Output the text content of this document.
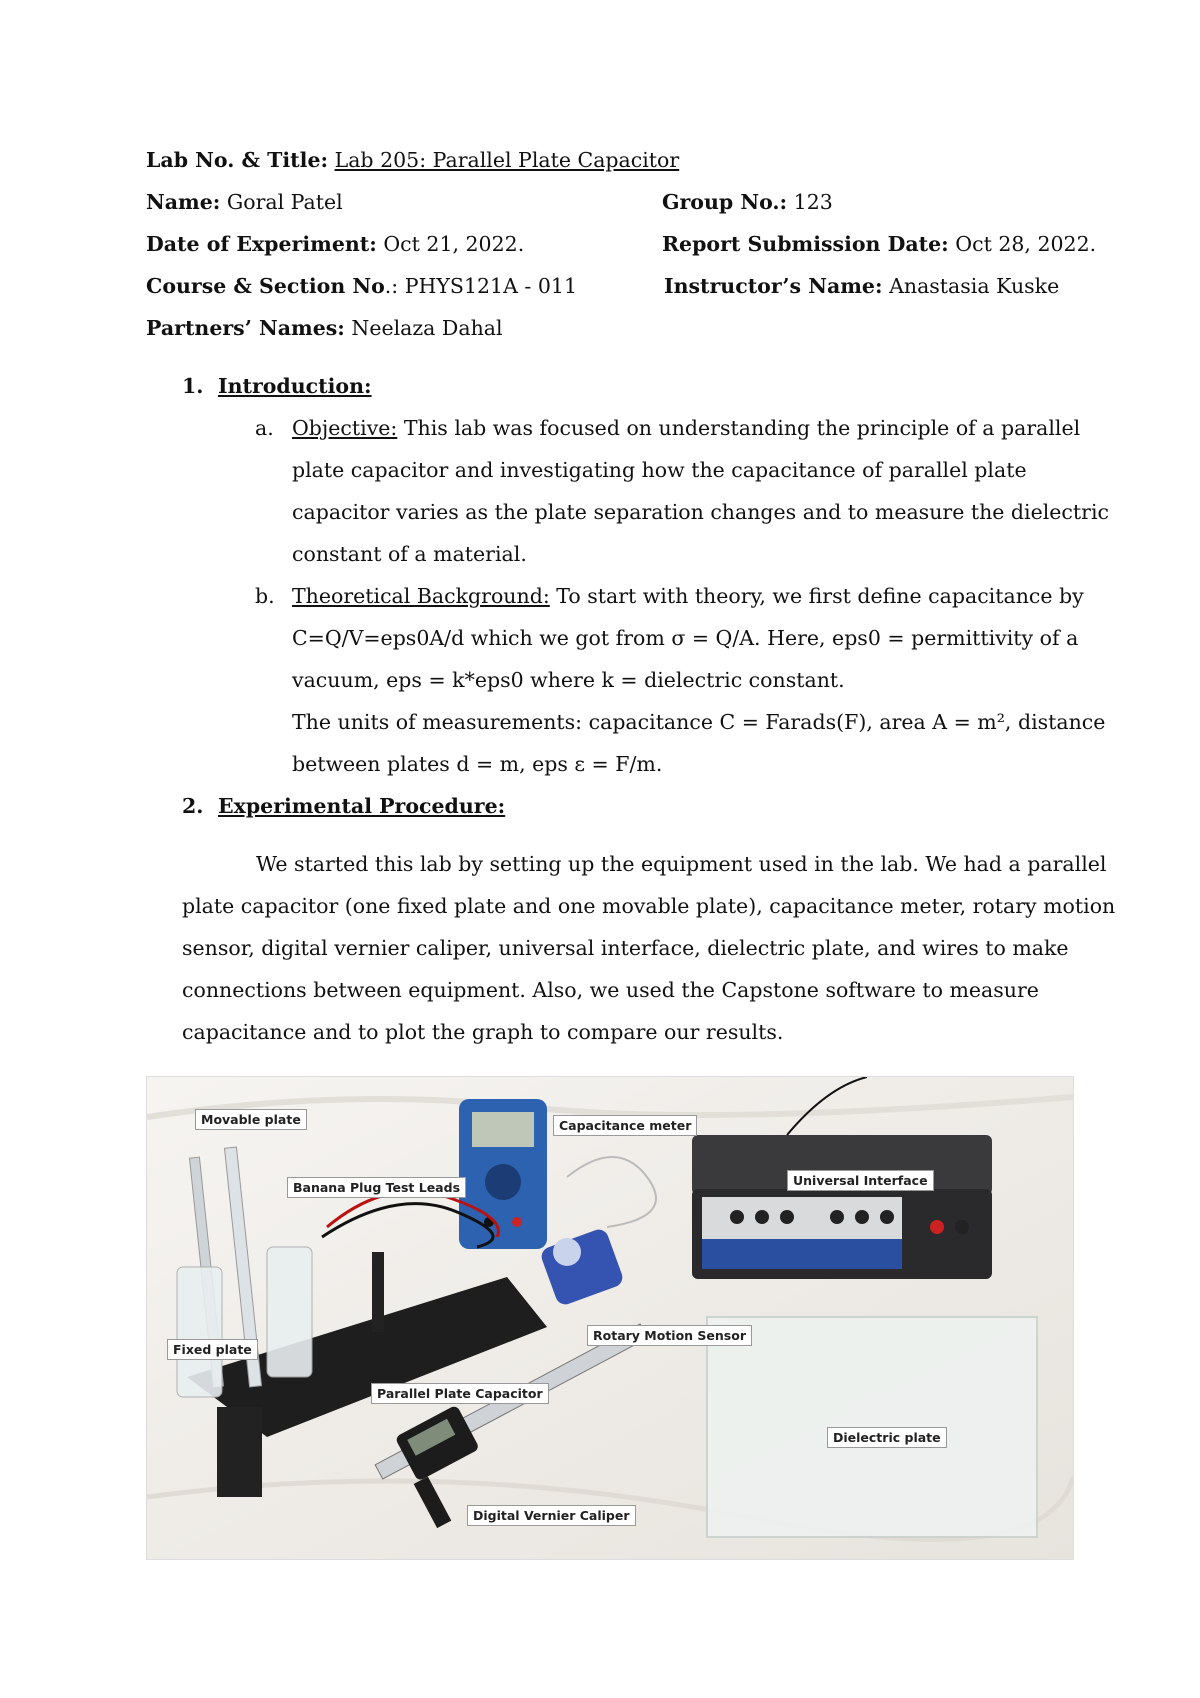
Lab No. & Title: Lab 205: Parallel Plate Capacitor
Name: Goral Patel	Group No.: 123
Date of Experiment: Oct 21, 2022.	Report Submission Date: Oct 28, 2022.
Course & Section No.: PHYS121A - 011	Instructor’s Name: Anastasia Kuske
Partners’ Names: Neelaza Dahal
1. Introduction:
a. Objective: This lab was focused on understanding the principle of a parallel
plate capacitor and investigating how the capacitance of parallel plate
capacitor varies as the plate separation changes and to measure the dielectric
constant of a material.
b. Theoretical Background: To start with theory, we first define capacitance by
C=Q/V=eps0A/d which we got from σ = Q/A. Here, eps0 = permittivity of a
vacuum, eps = k*eps0 where k = dielectric constant.
The units of measurements: capacitance C = Farads(F), area A = m², distance
between plates d = m, eps ε = F/m.
2. Experimental Procedure:
We started this lab by setting up the equipment used in the lab. We had a parallel
plate capacitor (one fixed plate and one movable plate), capacitance meter, rotary motion
sensor, digital vernier caliper, universal interface, dielectric plate, and wires to make
connections between equipment. Also, we used the Capstone software to measure
capacitance and to plot the graph to compare our results.
Movable plate	Capacitance meter
Banana Plug Test Leads	Universal Interface
Fixed plate
Rotary Motion Sensor
Parallel Plate Capacitor
Dielectric plate
Digital Vernier Caliper
